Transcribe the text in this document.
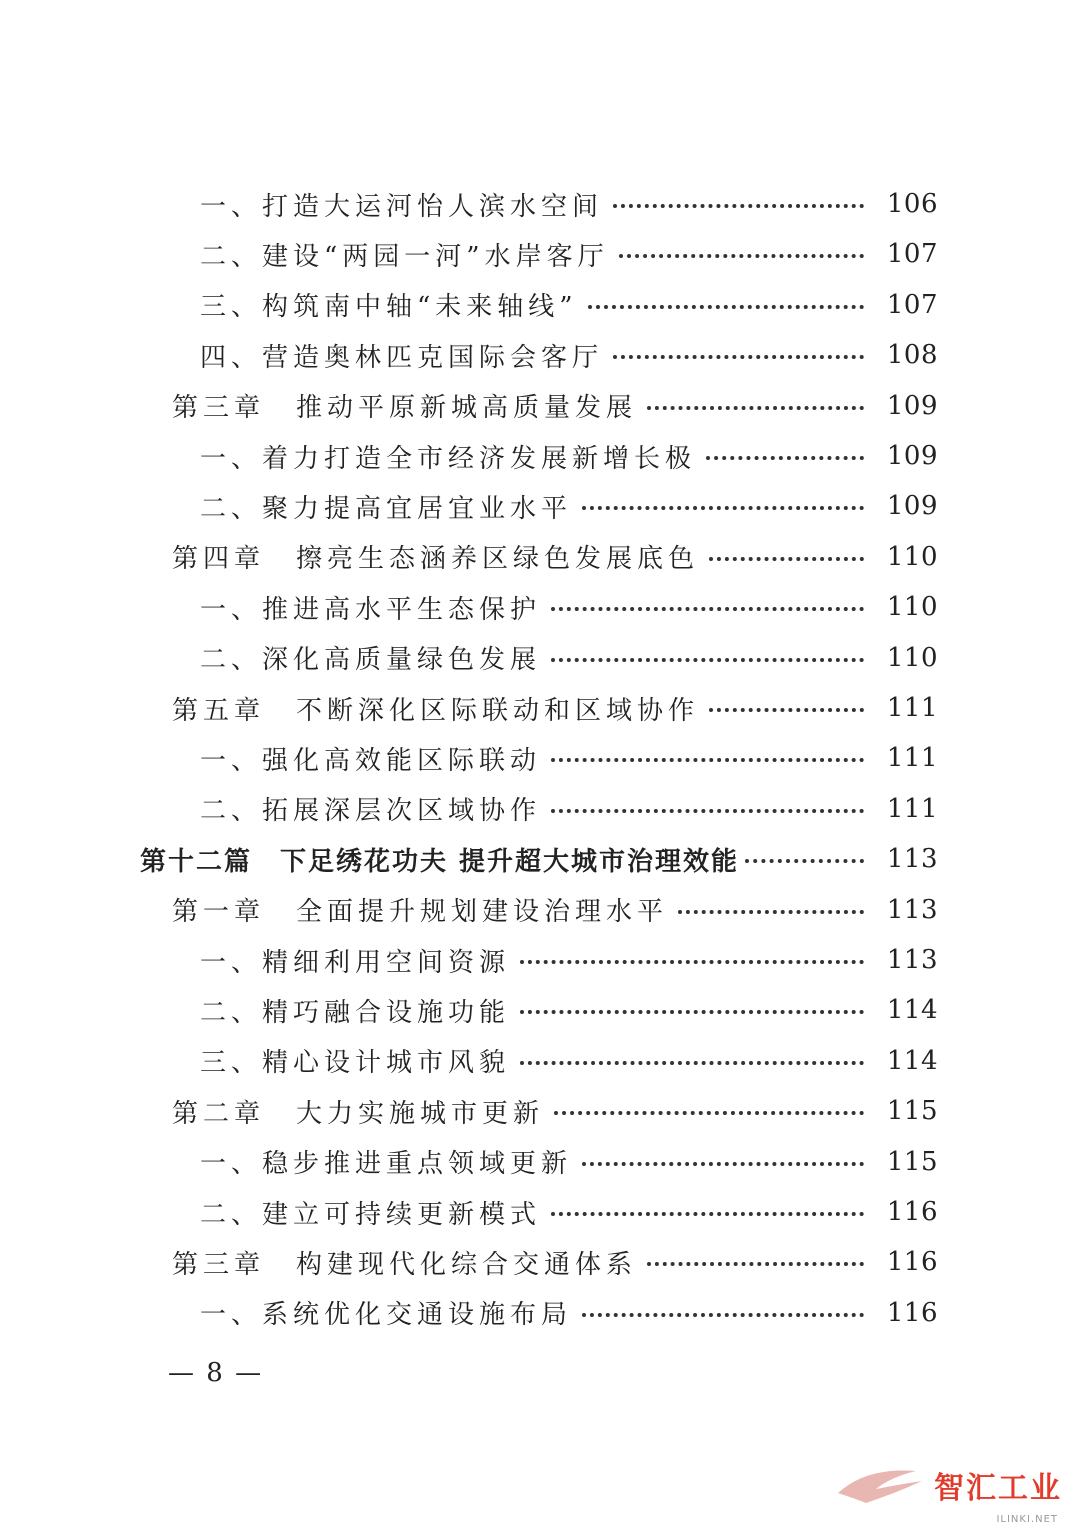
一、打造大运河怡人滨水空间	106
二、建设“两园一河”水岸客厅	107
三、构筑南中轴“未来轴线”	107
四、营造奥林匹克国际会客厅	108
第三章　推动平原新城高质量发展	109
一、着力打造全市经济发展新增长极	109
二、聚力提高宜居宜业水平	109
第四章　擦亮生态涵养区绿色发展底色	110
一、推进高水平生态保护	110
二、深化高质量绿色发展	110
第五章　不断深化区际联动和区域协作	111
一、强化高效能区际联动	111
二、拓展深层次区域协作	111
第十二篇　下足绣花功夫 提升超大城市治理效能	113
第一章　全面提升规划建设治理水平	113
一、精细利用空间资源	113
二、精巧融合设施功能	114
三、精心设计城市风貌	114
第二章　大力实施城市更新	115
一、稳步推进重点领域更新	115
二、建立可持续更新模式	116
第三章　构建现代化综合交通体系	116
一、系统优化交通设施布局	116
— 8 —
智汇工业
ILINKI.NET
